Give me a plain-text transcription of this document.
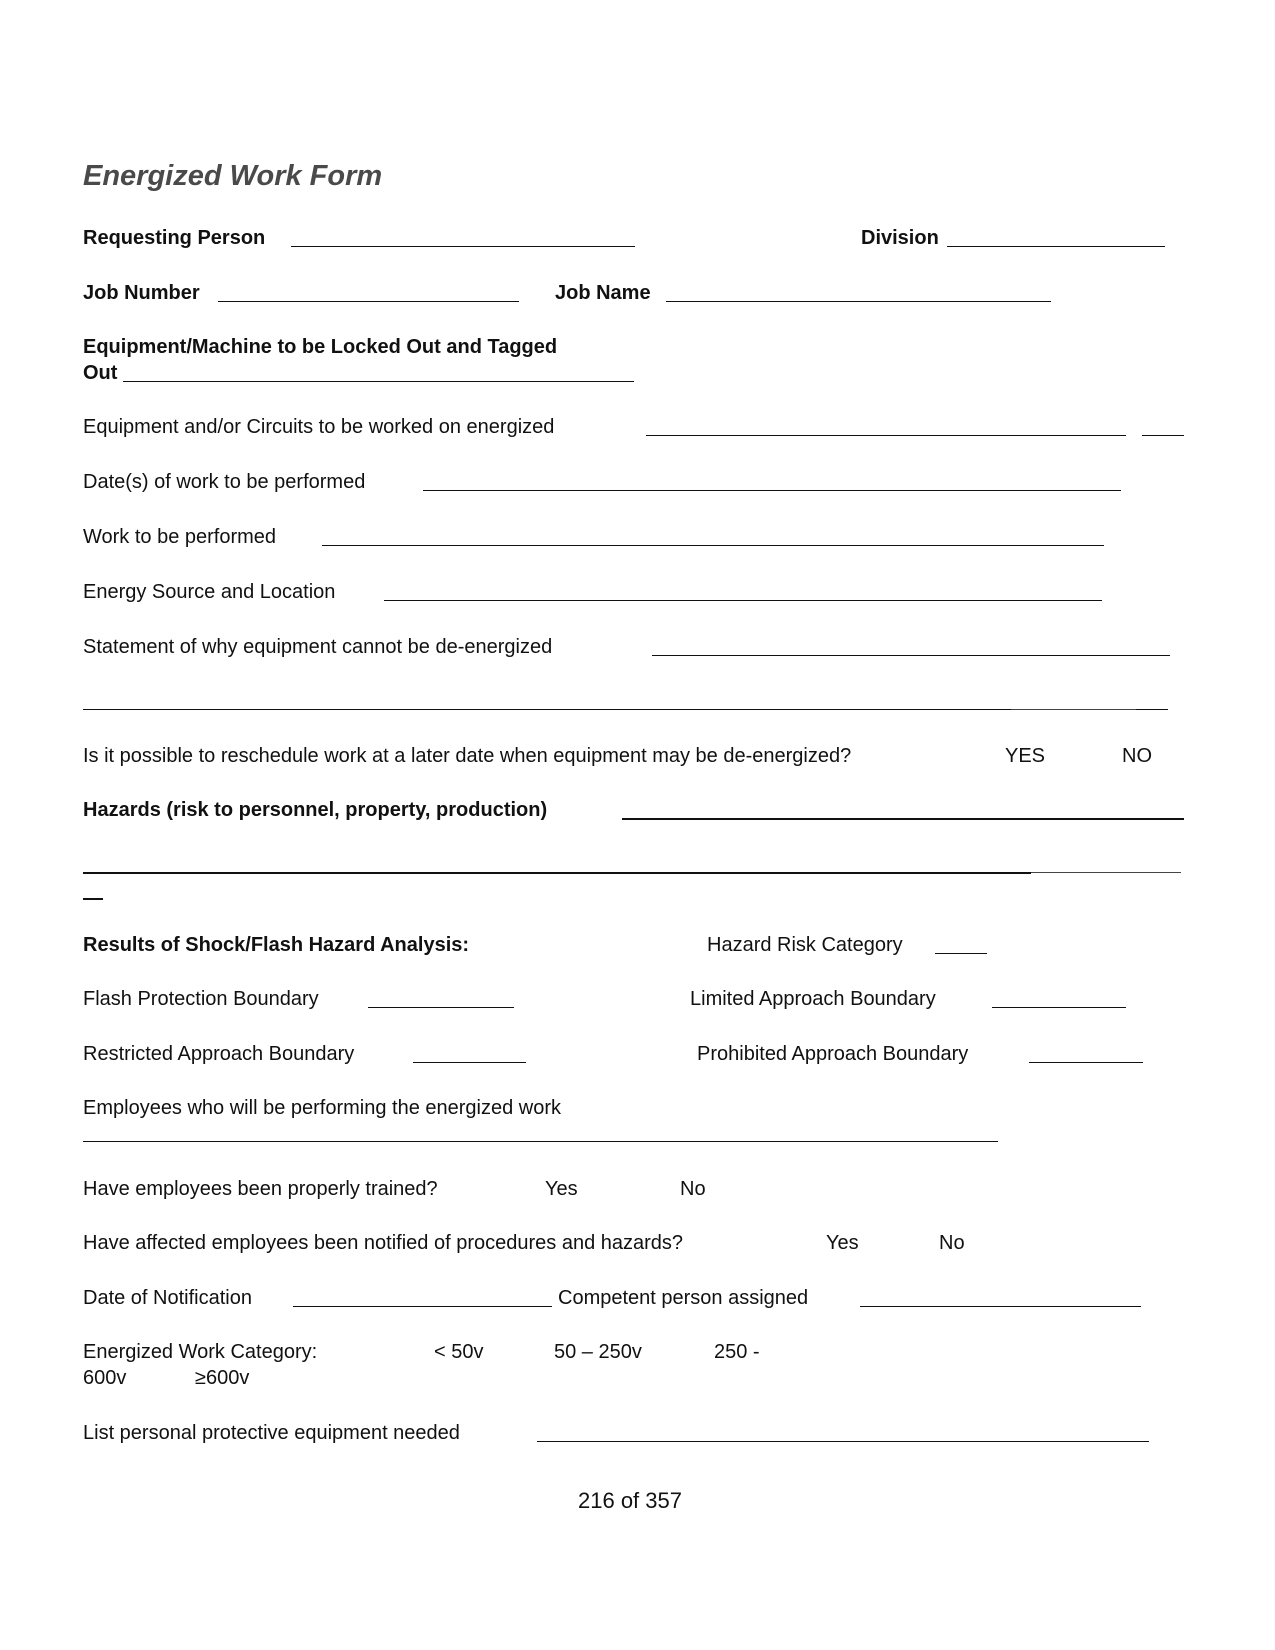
Energized Work Form
Requesting Person	Division
Job Number	Job Name
Equipment/Machine to be Locked Out and Tagged
Out
Equipment and/or Circuits to be worked on energized
Date(s) of work to be performed
Work to be performed
Energy Source and Location
Statement of why equipment cannot be de-energized
Is it possible to reschedule work at a later date when equipment may be de-energized?	YES	NO
Hazards (risk to personnel, property, production)
Results of Shock/Flash Hazard Analysis:	Hazard Risk Category
Flash Protection Boundary	Limited Approach Boundary
Restricted Approach Boundary	Prohibited Approach Boundary
Employees who will be performing the energized work
Have employees been properly trained?	Yes	No
Have affected employees been notified of procedures and hazards?	Yes	No
Date of Notification	Competent person assigned
Energized Work Category:	< 50v	50 – 250v	250 -
600v	≥600v
List personal protective equipment needed
216 of 357
